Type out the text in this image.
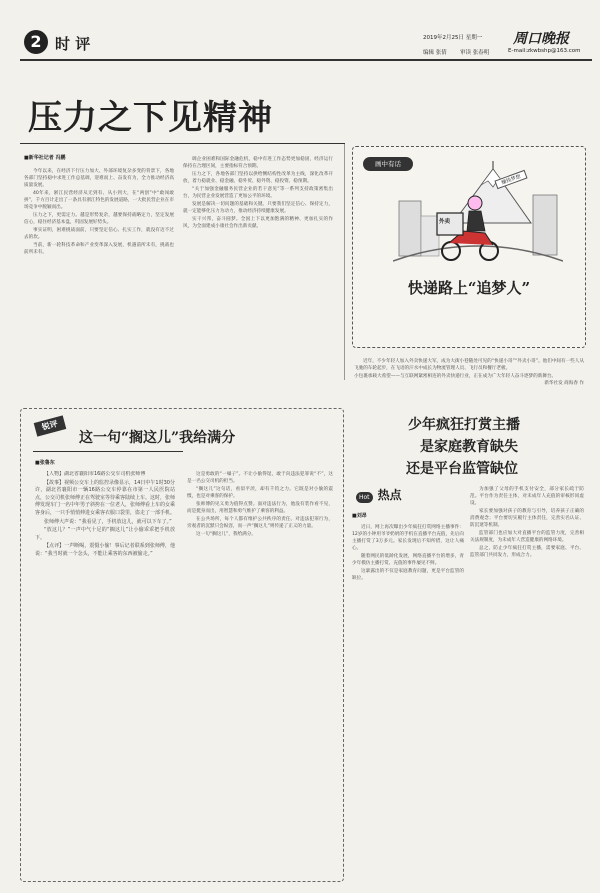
2 时 评	2019年2月25日 星期一 周口晚报
编辑 张倩 审读 张春明	E-mail:zkwbshp@163.com
压力之下见精神
■新华社记者 冯鹏

今年以来，在经济下行压力加大、外部环境复杂多变的背景下，各地各部门坚持稳中求进工作总基调，迎难而上、奋发有为，全力推动经济高质量发展。

40年来，浙江民营经济从无到有、从小到大，在“两创”中“敢闯敢拼”，千方百计走出了一条具有浙江特色的发展道路，一大批民营企业在市场竞争中脱颖而出。

压力之下，更需定力。越是形势复杂，越要保持战略定力，坚定发展信心，稳住经济基本盘，巩固发展好势头。

事实证明，困难挑战面前，只要坚定信心、扎实工作，就没有迈不过去的坎。

当前，新一轮科技革命和产业变革深入发展，机遇前所未有，挑战也前所未有。

调企业困难和国际金融危机，稳中有进工作态势更加稳固，经济运行保持在合理区间，主要指标符合预期。

压力之下，各地各部门坚持以供给侧结构性改革为主线，深化改革开放，着力稳就业、稳金融、稳外贸、稳外资、稳投资、稳预期。

“关于加强金融服务民营企业的若干意见”等一系列支持政策密集出台，为民营企业发展营造了更加公平的环境。

发展是解决一切问题的基础和关键。只要我们坚定信心、保持定力，就一定能够化压力为动力，推动经济持续健康发展。

实干兴邦，奋斗圆梦。全国上下以更加饱满的精神、更加扎实的作风，为全面建成小康社会作出新贡献。

画中有话
赚钱梦想
外卖
快递路上“追梦人”

近年，不少年轻人加入外卖快递大军，成为大街小巷随处可见的“快递小哥”“外卖小哥”。他们中间有一些人从飞驰的车轮起步，在飞语的汗水中成长为物流管理人员、飞行员和餐厅老板。

小包裹承载大希望——与互联网紧密相连的外卖快递行业，正在成为广大年轻人奋斗逐梦的新舞台。

新华社发 商海春 作
锐评
这一句“搁这儿”我给满分
■张鲁东

【人物】湖北省襄阳市16路公交车司机张师傅

【故事】视频公交车上的监控录像显示，14日中午1时30分许，湖北省襄阳市一辆16路公交车停靠在市第一人民医院站点，公交司机张师傅正在驾驶室等待乘客陆续上车。这时，张师傅发现车门一名中年男子斜挎在一位老人，张师傅看上车的女乘客身后，一只手悄悄伸进女乘客衣服口袋里，盗走了一部手机。

张师傅大声说：“我看见了，手机放这儿，就可以下车了。”

“放这儿？”一声中气十足的“搁这儿”让小偷乖乖把手机放下。

【点评】一声断喝，震慑小偷！事后记者联系到张师傅，他说：“我当时就一个念头，不能让乘客的东西被偷走。”

这是勇敢的“一嗓子”。不让小偷得逞，敢于向违法犯罪说“不”，这是一名公交司机的担当。

“搁这儿”这句话，看似平淡，却有千钧之力。它既是对小偷的震慑，也是对乘客的保护。

张师傅的见义勇为值得点赞。面对违法行为，他没有装作看不见，而是挺身而出，用智慧和勇气维护了乘客的利益。

在公共场所，每个人都有维护公共秩序的责任。对违法犯罪行为，旁观者的沉默只会纵容，而一声“搁这儿”则传递了正义的力量。

这一句“搁这儿”，我给满分。

少年疯狂打赏主播
是家庭教育缺失
还是平台监管缺位
Hot 热点
■刘昂

近日，网上再次曝出少年疯狂打赏网络主播事件：12岁的小钟用爷爷奶奶的手机在直播平台充值，先后向主播打赏了3万多元。家长发现后不知所措，这让人痛心。

随着网民的低龄化发展，网络直播平台的增多，青少年模仿主播打赏、充值的事件屡见不鲜。

这暴露出的不仅是家庭教育问题，更是平台监管的缺位。

为加强了父母的手机支付安全，部分家长疏于防范。平台作为责任主体，对未成年人充值的审核形同虚设。

家长要加强对孩子的教育与引导，培养孩子正确的消费观念；平台要切实履行主体责任，完善实名认证、防沉迷等机制。

监管部门也应加大对直播平台的监管力度，完善相关法规制度，为未成年人营造健康的网络环境。

总之，防止少年疯狂打赏主播，需要家庭、平台、监管部门共同发力，形成合力。
